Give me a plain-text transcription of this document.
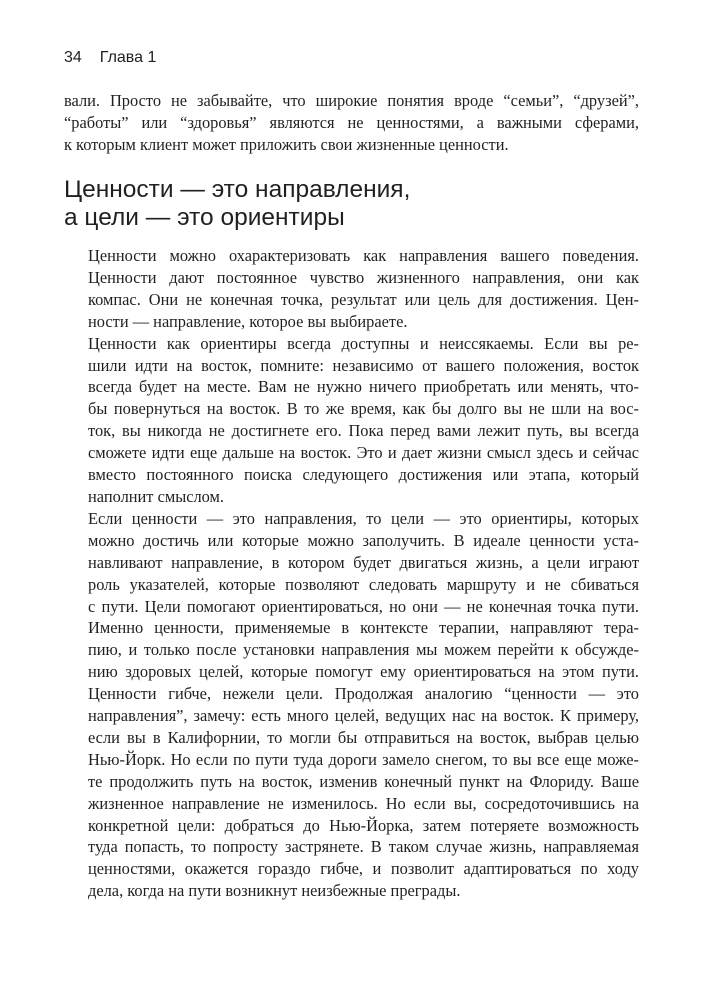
34 Глава 1

вали. Просто не забывайте, что широкие понятия вроде “семьи”, “друзей”,
“работы” или “здоровья” являются не ценностями, а важными сферами,
к которым клиент может приложить свои жизненные ценности.

Ценности — это направления,
а цели — это ориентиры

Ценности можно охарактеризовать как направления вашего поведения.
Ценности дают постоянное чувство жизненного направления, они как
компас. Они не конечная точка, результат или цель для достижения. Цен-
ности — направление, которое вы выбираете.

Ценности как ориентиры всегда доступны и неиссякаемы. Если вы ре-
шили идти на восток, помните: независимо от вашего положения, восток
всегда будет на месте. Вам не нужно ничего приобретать или менять, что-
бы повернуться на восток. В то же время, как бы долго вы не шли на вос-
ток, вы никогда не достигнете его. Пока перед вами лежит путь, вы всегда
сможете идти еще дальше на восток. Это и дает жизни смысл здесь и сейчас
вместо постоянного поиска следующего достижения или этапа, который
наполнит смыслом.

Если ценности — это направления, то цели — это ориентиры, которых
можно достичь или которые можно заполучить. В идеале ценности уста-
навливают направление, в котором будет двигаться жизнь, а цели играют
роль указателей, которые позволяют следовать маршруту и не сбиваться
с пути. Цели помогают ориентироваться, но они — не конечная точка пути.
Именно ценности, применяемые в контексте терапии, направляют тера-
пию, и только после установки направления мы можем перейти к обсужде-
нию здоровых целей, которые помогут ему ориентироваться на этом пути.

Ценности гибче, нежели цели. Продолжая аналогию “ценности — это
направления”, замечу: есть много целей, ведущих нас на восток. К примеру,
если вы в Калифорнии, то могли бы отправиться на восток, выбрав целью
Нью-Йорк. Но если по пути туда дороги замело снегом, то вы все еще може-
те продолжить путь на восток, изменив конечный пункт на Флориду. Ваше
жизненное направление не изменилось. Но если вы, сосредоточившись на
конкретной цели: добраться до Нью-Йорка, затем потеряете возможность
туда попасть, то попросту застрянете. В таком случае жизнь, направляемая
ценностями, окажется гораздо гибче, и позволит адаптироваться по ходу
дела, когда на пути возникнут неизбежные преграды.
